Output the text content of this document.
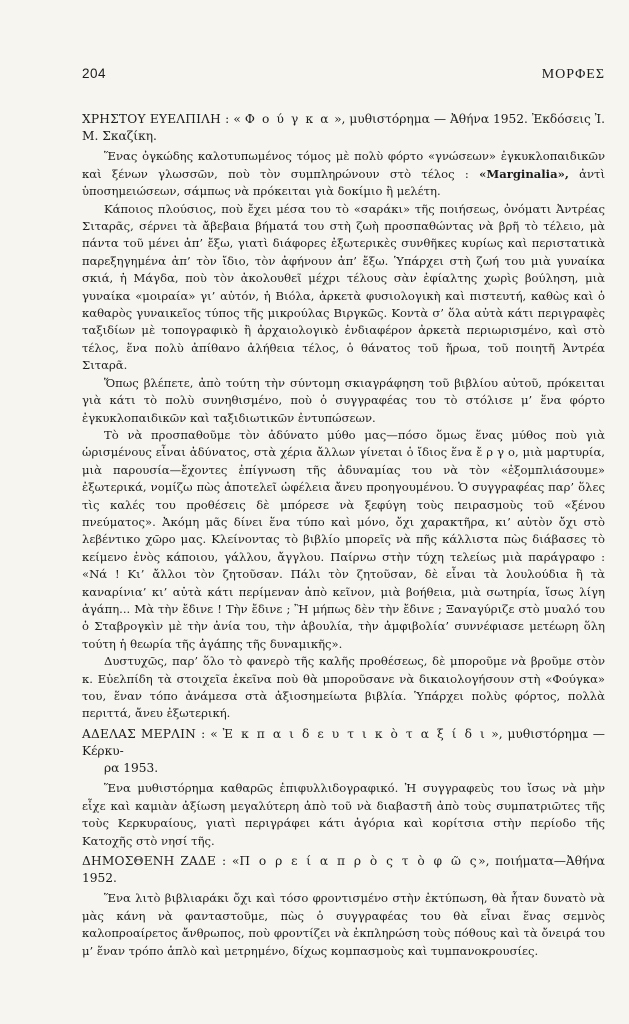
204	ΜΟΡΦΕΣ

ΧΡΗΣΤΟΥ ΕΥΕΛΠΙΛΗ : « Φ ο ύ γ κ α », μυθιστόρημα — Ἀθήνα 1952. Ἐκδόσεις Ἰ. Μ. Σκαζίκη.

Ἕνας ὀγκώδης καλοτυπωμένος τόμος μὲ πολὺ φόρτο «γνώσεων» ἐγκυκλοπαιδικῶν καὶ ξένων γλωσσῶν, ποὺ τὸν συμπληρώνουν στὸ τέλος : «Marginalia», ἀντὶ ὑποσημειώσεων, σάμπως νὰ πρόκειται γιὰ δοκίμιο ἢ μελέτη.

Κάποιος πλούσιος, ποὺ ἔχει μέσα του τὸ «σαράκι» τῆς ποιήσεως, ὀνόματι Ἀντρέας Σιταρᾶς, σέρνει τὰ ἄβεβαια βήματά του στὴ ζωὴ προσπαθώντας νὰ βρῆ τὸ τέλειο, μὰ πάντα τοῦ μένει ἀπ’ ἔξω, γιατὶ διάφορες ἐξωτερικὲς συνθῆκες κυρίως καὶ περιστατικὰ παρεξηγημένα ἀπ’ τὸν ἴδιο, τὸν ἀφήνουν ἀπ’ ἔξω. Ὑπάρχει στὴ ζωή του μιὰ γυναίκα σκιά, ἡ Μάγδα, ποὺ τὸν ἀκολουθεῖ μέχρι τέλους σὰν ἐφίαλτης χωρὶς βούληση, μιὰ γυναίκα «μοιραία» γι’ αὐτόν, ἡ Βιόλα, ἀρκετὰ φυσιολογικὴ καὶ πιστευτή, καθὼς καὶ ὁ καθαρὸς γυναικεῖος τύπος τῆς μικρούλας Βιργκῶς. Κοντὰ σ’ ὅλα αὐτὰ κάτι περιγραφὲς ταξιδίων μὲ τοπογραφικὸ ἢ ἀρχαιολογικὸ ἐνδιαφέρον ἀρκετὰ περιωρισμένο, καὶ στὸ τέλος, ἕνα πολὺ ἀπίθανο ἀλήθεια τέλος, ὁ θάνατος τοῦ ἥρωα, τοῦ ποιητῆ Ἀντρέα Σιταρᾶ.

Ὅπως βλέπετε, ἀπὸ τούτη τὴν σύντομη σκιαγράφηση τοῦ βιβλίου αὐτοῦ, πρόκειται γιὰ κάτι τὸ πολὺ συνηθισμένο, ποὺ ὁ συγγραφέας του τὸ στόλισε μ’ ἕνα φόρτο ἐγκυκλοπαιδικῶν καὶ ταξιδιωτικῶν ἐντυπώσεων.

Τὸ νὰ προσπαθοῦμε τὸν ἀδύνατο μύθο μας—πόσο ὅμως ἕνας μύθος ποὺ γιὰ ὡρισμένους εἶναι ἀδύνατος, στὰ χέρια ἄλλων γίνεται ὁ ἴδιος ἕνα ἔ ρ γ ο, μιὰ μαρτυρία, μιὰ παρουσία—ἔχοντες ἐπίγνωση τῆς ἀδυναμίας του νὰ τὸν «ἐξομπλιάσουμε» ἐξωτερικά, νομίζω πὼς ἀποτελεῖ ὠφέλεια ἄνευ προηγουμένου. Ὁ συγγραφέας παρ’ ὅλες τὶς καλές του προθέσεις δὲ μπόρεσε νὰ ξεφύγη τοὺς πειρασμοὺς τοῦ «ξένου πνεύματος». Ἀκόμη μᾶς δίνει ἕνα τύπο καὶ μόνο, ὄχι χαρακτῆρα, κι’ αὐτὸν ὄχι στὸ λεβέντικο χῶρο μας. Κλείνοντας τὸ βιβλίο μπορεῖς νὰ πῆς κάλλιστα πὼς διάβασες τὸ κείμενο ἑνὸς κάποιου, γάλλου, ἄγγλου. Παίρνω στὴν τύχη τελείως μιὰ παράγραφο : «Νά ! Κι’ ἄλλοι τὸν ζητοῦσαν. Πάλι τὸν ζητοῦσαν, δὲ εἶναι τὰ λουλούδια ἢ τὰ καναρίνια’ κι’ αὐτὰ κάτι περίμεναν ἀπὸ κεῖνον, μιὰ βοήθεια, μιὰ σωτηρία, ἴσως λίγη ἀγάπη... Μὰ τὴν ἔδινε ! Τὴν ἔδινε ; Ἢ μήπως δὲν τὴν ἔδινε ; Ξαναγύριζε στὸ μυαλό του ὁ Σταβρογκὶν μὲ τὴν ἀνία του, τὴν ἀβουλία, τὴν ἀμφιβολία’ συννέφιασε μετέωρη ὅλη τούτη ἡ θεωρία τῆς ἀγάπης τῆς δυναμικῆς».

Δυστυχῶς, παρ’ ὅλο τὸ φανερὸ τῆς καλῆς προθέσεως, δὲ μποροῦμε νὰ βροῦμε στὸν κ. Εὐελπίδη τὰ στοιχεῖα ἐκεῖνα ποὺ θὰ μποροῦσανε νὰ δικαιολογήσουν στὴ «Φούγκα» του, ἕναν τόπο ἀνάμεσα στὰ ἀξιοσημείωτα βιβλία. Ὑπάρχει πολὺς φόρτος, πολλὰ περιττά, ἄνευ ἐξωτερική.

ΑΔΕΛΑΣ ΜΕΡΛΙΝ : « Ἐ κ π α ι δ ε υ τ ι κ ὸ τ α ξ ί δ ι », μυθιστόρημα — Κέρκυ-

ρα 1953.

Ἕνα μυθιστόρημα καθαρῶς ἐπιφυλλιδογραφικό. Ἡ συγγραφεὺς του ἴσως νὰ μὴν εἶχε καὶ καμιὰν ἀξίωση μεγαλύτερη ἀπὸ τοῦ νὰ διαβαστῆ ἀπὸ τοὺς συμπατριῶτες τῆς τοὺς Κερκυραίους, γιατὶ περιγράφει κάτι ἀγόρια καὶ κορίτσια στὴν περίοδο τῆς Κατοχῆς στὸ νησί τῆς.

ΔΗΜΟΣΘΕΝΗ ΖΑΔΕ : «Π ο ρ ε ί α π ρ ὸ ς τ ὸ φ ῶ ς», ποιήματα—Ἀθήνα 1952.

Ἕνα λιτὸ βιβλιαράκι ὄχι καὶ τόσο φροντισμένο στὴν ἐκτύπωση, θὰ ἦταν δυνατὸ νὰ μὰς κάνη νὰ φανταστοῦμε, πὼς ὁ συγγραφέας του θὰ εἶναι ἕνας σεμνὸς καλοπροαίρετος ἄνθρωπος, ποὺ φροντίζει νὰ ἐκπληρώση τοὺς πόθους καὶ τὰ ὄνειρά του μ’ ἕναν τρόπο ἁπλὸ καὶ μετρημένο, δίχως κομπασμοὺς καὶ τυμπανοκρουσίες.
